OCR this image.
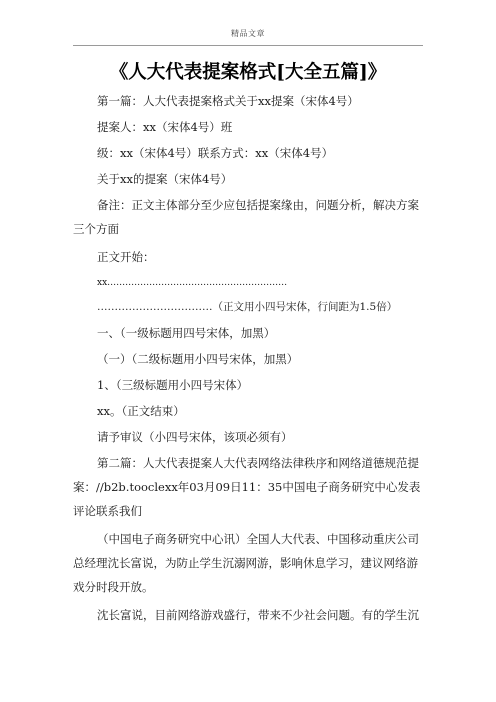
精品文章
《人大代表提案格式[大全五篇]》
第一篇：人大代表提案格式关于xx提案（宋体4号）
提案人：xx（宋体4号）班
级：xx（宋体4号）联系方式：xx（宋体4号）
关于xx的提案（宋体4号）
备注：正文主体部分至少应包括提案缘由，问题分析，解决方案
三个方面
正文开始：
xx……………………………………………………
……………………………（正文用小四号宋体，行间距为1.5倍）
一、（一级标题用四号宋体，加黑）
（一）（二级标题用小四号宋体，加黑）
1、（三级标题用小四号宋体）
xx。（正文结束）
请予审议（小四号宋体，该项必须有）
第二篇：人大代表提案人大代表网络法律秩序和网络道德规范提
案：//b2b.tooclexx年03月09日11：35中国电子商务研究中心发表
评论联系我们
（中国电子商务研究中心讯）全国人大代表、中国移动重庆公司
总经理沈长富说，为防止学生沉溺网游，影响休息学习，建议网络游
戏分时段开放。
沈长富说，目前网络游戏盛行，带来不少社会问题。有的学生沉
